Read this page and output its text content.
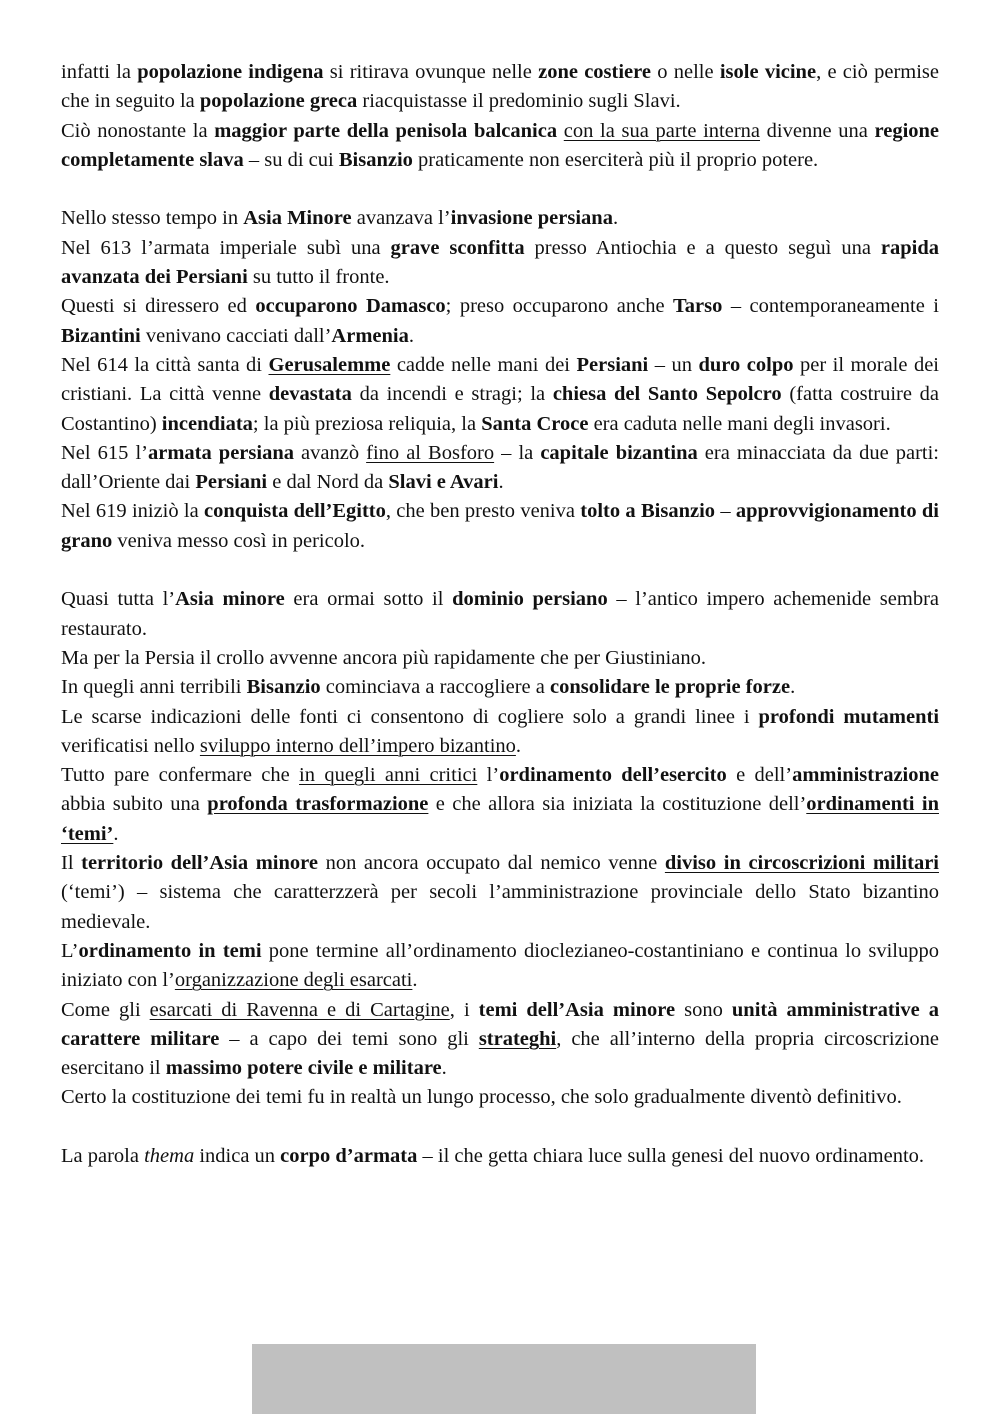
infatti la popolazione indigena si ritirava ovunque nelle zone costiere o nelle isole vicine, e ciò permise che in seguito la popolazione greca riacquistasse il predominio sugli Slavi.

Ciò nonostante la maggior parte della penisola balcanica con la sua parte interna divenne una regione completamente slava – su di cui Bisanzio praticamente non eserciterà più il proprio potere.

Nello stesso tempo in Asia Minore avanzava l’invasione persiana.

Nel 613 l’armata imperiale subì una grave sconfitta presso Antiochia e a questo seguì una rapida avanzata dei Persiani su tutto il fronte.

Questi si diressero ed occuparono Damasco; preso occuparono anche Tarso – contemporaneamente i Bizantini venivano cacciati dall’Armenia.

Nel 614 la città santa di Gerusalemme cadde nelle mani dei Persiani – un duro colpo per il morale dei cristiani. La città venne devastata da incendi e stragi; la chiesa del Santo Sepolcro (fatta costruire da Costantino) incendiata; la più preziosa reliquia, la Santa Croce era caduta nelle mani degli invasori.

Nel 615 l’armata persiana avanzò fino al Bosforo – la capitale bizantina era minacciata da due parti: dall’Oriente dai Persiani e dal Nord da Slavi e Avari.

Nel 619 iniziò la conquista dell’Egitto, che ben presto veniva tolto a Bisanzio – approvvigionamento di grano veniva messo così in pericolo.

Quasi tutta l’Asia minore era ormai sotto il dominio persiano – l’antico impero achemenide sembra restaurato.

Ma per la Persia il crollo avvenne ancora più rapidamente che per Giustiniano.

In quegli anni terribili Bisanzio cominciava a raccogliere a consolidare le proprie forze.

Le scarse indicazioni delle fonti ci consentono di cogliere solo a grandi linee i profondi mutamenti verificatisi nello sviluppo interno dell’impero bizantino.

Tutto pare confermare che in quegli anni critici l’ordinamento dell’esercito e dell’amministrazione abbia subito una profonda trasformazione e che allora sia iniziata la costituzione dell’ordinamenti in ‘temi’.

Il territorio dell’Asia minore non ancora occupato dal nemico venne diviso in circoscrizioni militari (‘temi’) – sistema che caratterzzerà per secoli l’amministrazione provinciale dello Stato bizantino medievale.

L’ordinamento in temi pone termine all’ordinamento dioclezianeo-costantiniano e continua lo sviluppo iniziato con l’organizzazione degli esarcati.

Come gli esarcati di Ravenna e di Cartagine, i temi dell’Asia minore sono unità amministrative a carattere militare – a capo dei temi sono gli strateghi, che all’interno della propria circoscrizione esercitano il massimo potere civile e militare.

Certo la costituzione dei temi fu in realtà un lungo processo, che solo gradualmente diventò definitivo.

La parola thema indica un corpo d’armata – il che getta chiara luce sulla genesi del nuovo ordinamento.
